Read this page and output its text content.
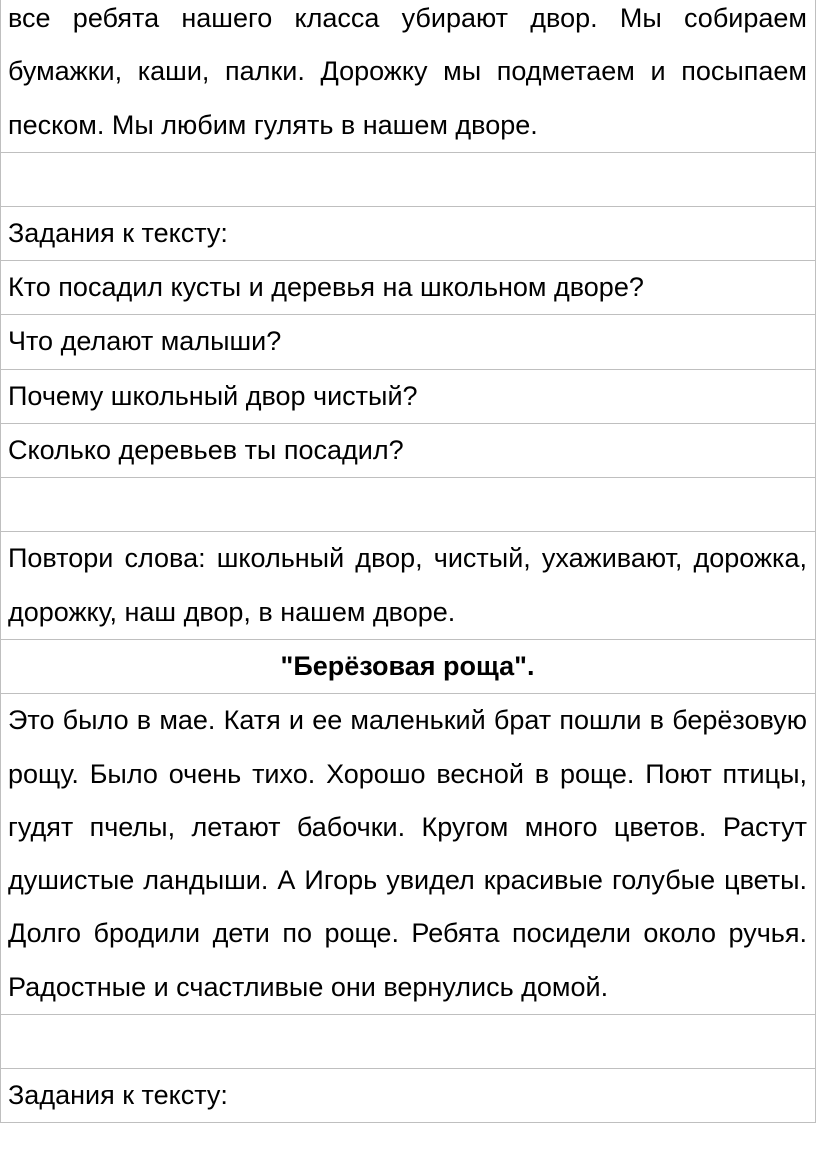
все ребята нашего класса убирают двор. Мы собираем бумажки, каши, палки. Дорожку мы подметаем и посыпаем песком. Мы любим гулять в нашем дворе.

Задания к тексту:

Кто посадил кусты и деревья на школьном дворе?

Что делают малыши?

Почему школьный двор чистый?

Сколько деревьев ты посадил?

Повтори слова: школьный двор, чистый, ухаживают, дорожка, дорожку, наш двор, в нашем дворе.

"Берёзовая роща".

Это было в мае. Катя и ее маленький брат пошли в берёзовую рощу. Было очень тихо. Хорошо весной в роще. Поют птицы, гудят пчелы, летают бабочки. Кругом много цветов. Растут душистые ландыши. А Игорь увидел красивые голубые цветы. Долго бродили дети по роще. Ребята посидели около ручья. Радостные и счастливые они вернулись домой.

Задания к тексту:
